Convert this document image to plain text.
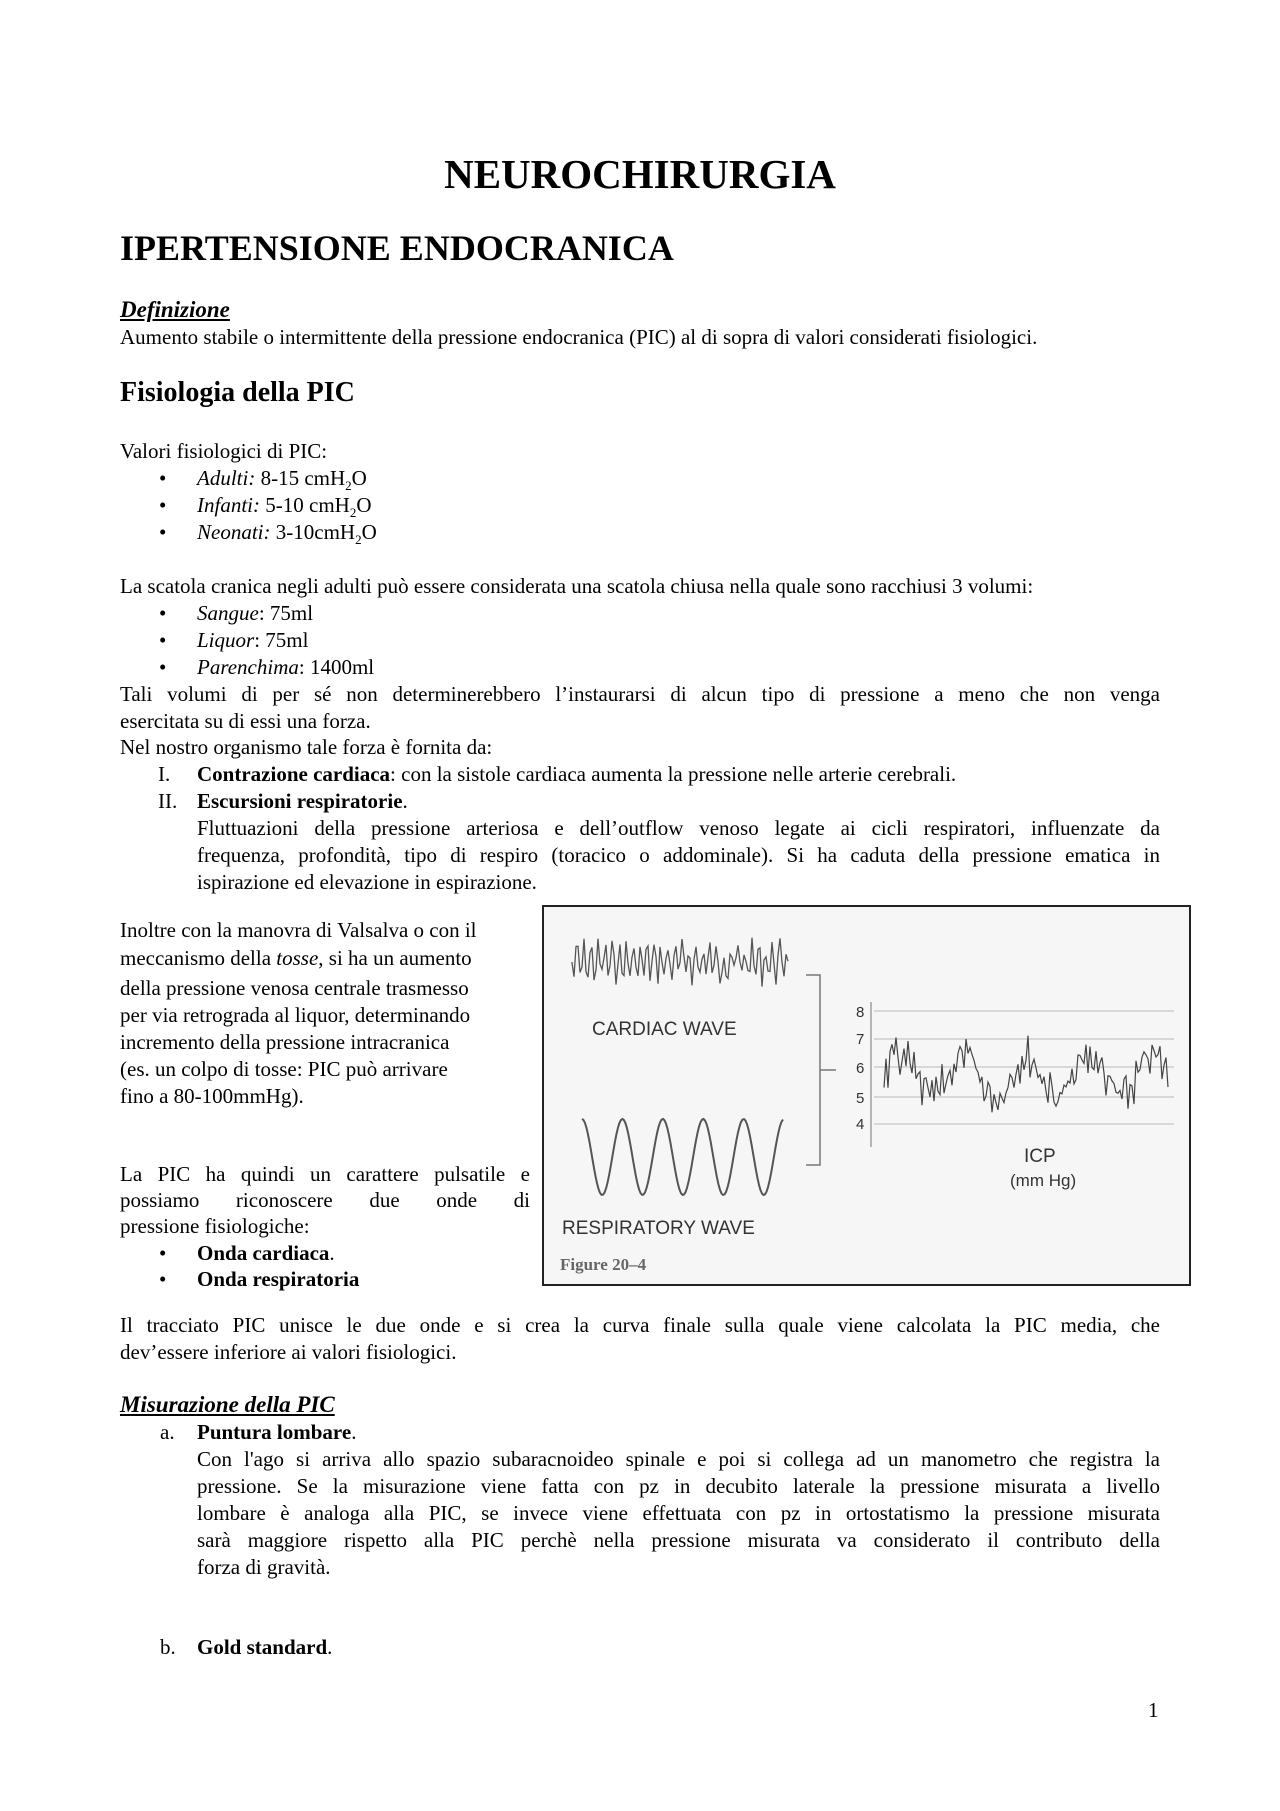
NEUROCHIRURGIA
IPERTENSIONE ENDOCRANICA
Definizione
Aumento stabile o intermittente della pressione endocranica (PIC) al di sopra di valori considerati fisiologici.
Fisiologia della PIC
Valori fisiologici di PIC:
• Adulti: 8-15 cmH$_2$O
• Infanti: 5-10 cmH$_2$O
• Neonati: 3-10cmH$_2$O
La scatola cranica negli adulti può essere considerata una scatola chiusa nella quale sono racchiusi 3 volumi:
• Sangue: 75ml
• Liquor: 75ml
• Parenchima: 1400ml
Tali volumi di per sé non determinerebbero l’instaurarsi di alcun tipo di pressione a meno che non venga
esercitata su di essi una forza.
Nel nostro organismo tale forza è fornita da:
I. Contrazione cardiaca: con la sistole cardiaca aumenta la pressione nelle arterie cerebrali.
II. Escursioni respiratorie.
Fluttuazioni della pressione arteriosa e dell’outflow venoso legate ai cicli respiratori, influenzate da
frequenza, profondità, tipo di respiro (toracico o addominale). Si ha caduta della pressione ematica in
ispirazione ed elevazione in espirazione.
Inoltre con la manovra di Valsalva o con il
meccanismo della tosse, si ha un aumento
della pressione venosa centrale trasmesso
per via retrograda al liquor, determinando
incremento della pressione intracranica
(es. un colpo di tosse: PIC può arrivare
fino a 80-100mmHg).
La PIC ha quindi un carattere pulsatile e
possiamo riconoscere due onde di
pressione fisiologiche:
• Onda cardiaca.
• Onda respiratoria
CARDIAC WAVE
RESPIRATORY WAVE
Figure 20–4
8
7
6
5
4
ICP
(mm Hg)
Il tracciato PIC unisce le due onde e si crea la curva finale sulla quale viene calcolata la PIC media, che
dev’essere inferiore ai valori fisiologici.
Misurazione della PIC
a. Puntura lombare.
Con l'ago si arriva allo spazio subaracnoideo spinale e poi si collega ad un manometro che registra la
pressione. Se la misurazione viene fatta con pz in decubito laterale la pressione misurata a livello
lombare è analoga alla PIC, se invece viene effettuata con pz in ortostatismo la pressione misurata
sarà maggiore rispetto alla PIC perchè nella pressione misurata va considerato il contributo della
forza di gravità.
b. Gold standard.
1
